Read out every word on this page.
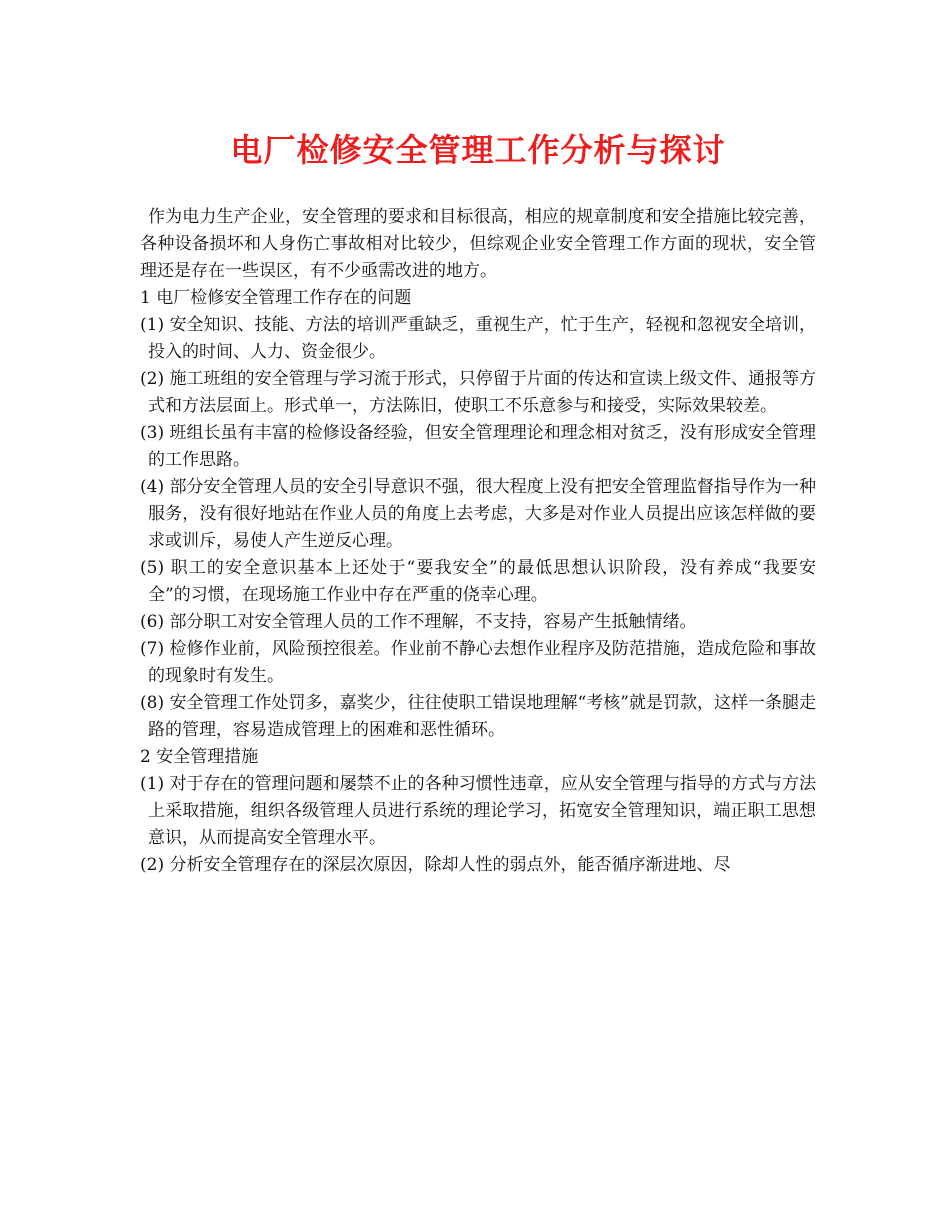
电厂检修安全管理工作分析与探讨

作为电力生产企业，安全管理的要求和目标很高，相应的规章制度和安全措施比较完善，各种设备损坏和人身伤亡事故相对比较少，但综观企业安全管理工作方面的现状，安全管理还是存在一些误区，有不少亟需改进的地方。

1 电厂检修安全管理工作存在的问题

(1) 安全知识、技能、方法的培训严重缺乏，重视生产，忙于生产，轻视和忽视安全培训，投入的时间、人力、资金很少。

(2) 施工班组的安全管理与学习流于形式，只停留于片面的传达和宣读上级文件、通报等方式和方法层面上。形式单一，方法陈旧，使职工不乐意参与和接受，实际效果较差。

(3) 班组长虽有丰富的检修设备经验，但安全管理理论和理念相对贫乏，没有形成安全管理的工作思路。

(4) 部分安全管理人员的安全引导意识不强，很大程度上没有把安全管理监督指导作为一种服务，没有很好地站在作业人员的角度上去考虑，大多是对作业人员提出应该怎样做的要求或训斥，易使人产生逆反心理。

(5) 职工的安全意识基本上还处于“要我安全”的最低思想认识阶段，没有养成“我要安全”的习惯，在现场施工作业中存在严重的侥幸心理。

(6) 部分职工对安全管理人员的工作不理解，不支持，容易产生抵触情绪。

(7) 检修作业前，风险预控很差。作业前不静心去想作业程序及防范措施，造成危险和事故的现象时有发生。

(8) 安全管理工作处罚多，嘉奖少，往往使职工错误地理解“考核”就是罚款，这样一条腿走路的管理，容易造成管理上的困难和恶性循环。

2 安全管理措施

(1) 对于存在的管理问题和屡禁不止的各种习惯性违章，应从安全管理与指导的方式与方法上采取措施，组织各级管理人员进行系统的理论学习，拓宽安全管理知识，端正职工思想意识，从而提高安全管理水平。

(2) 分析安全管理存在的深层次原因，除却人性的弱点外，能否循序渐进地、尽
